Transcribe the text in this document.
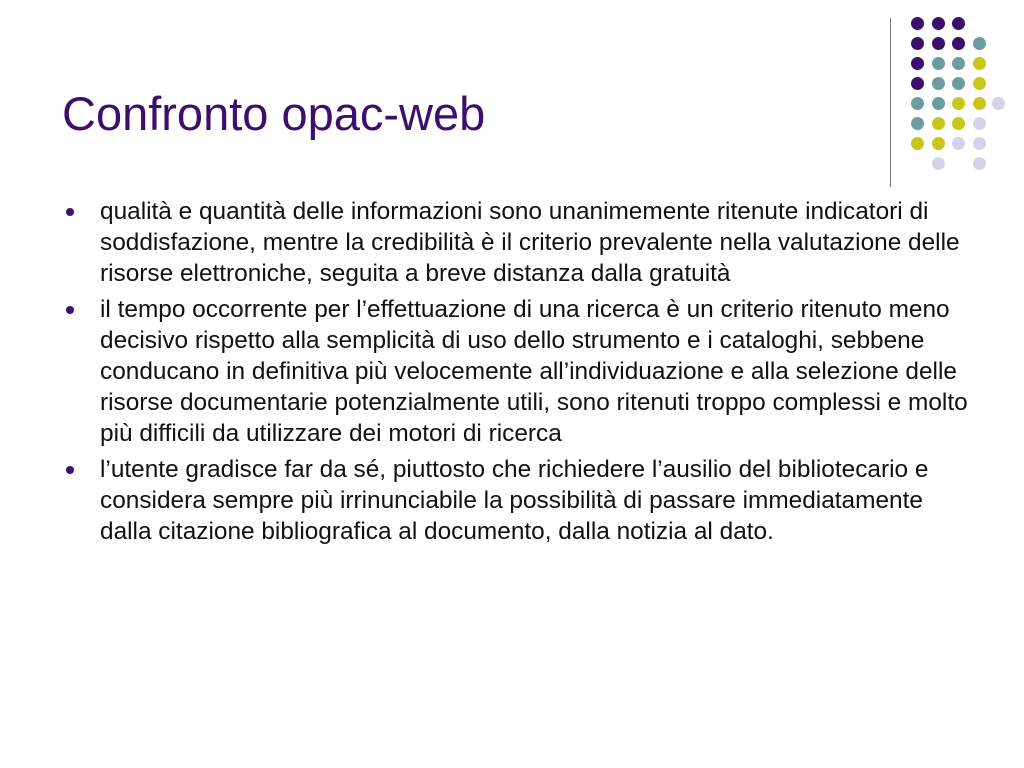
Confronto opac-web
qualità e quantità delle informazioni sono unanimemente ritenute indicatori di soddisfazione, mentre la credibilità è il criterio prevalente nella valutazione delle risorse elettroniche, seguita a breve distanza dalla gratuità
il tempo occorrente per l’effettuazione di una ricerca è un criterio ritenuto meno decisivo rispetto alla semplicità di uso dello strumento e i cataloghi, sebbene conducano in definitiva più velocemente all’individuazione e alla selezione delle risorse documentarie potenzialmente utili, sono ritenuti troppo complessi e molto più difficili da utilizzare dei motori di ricerca
l’utente gradisce far da sé, piuttosto che richiedere l’ausilio del bibliotecario e considera sempre più irrinunciabile la possibilità di passare immediatamente dalla citazione bibliografica al documento, dalla notizia al dato.
